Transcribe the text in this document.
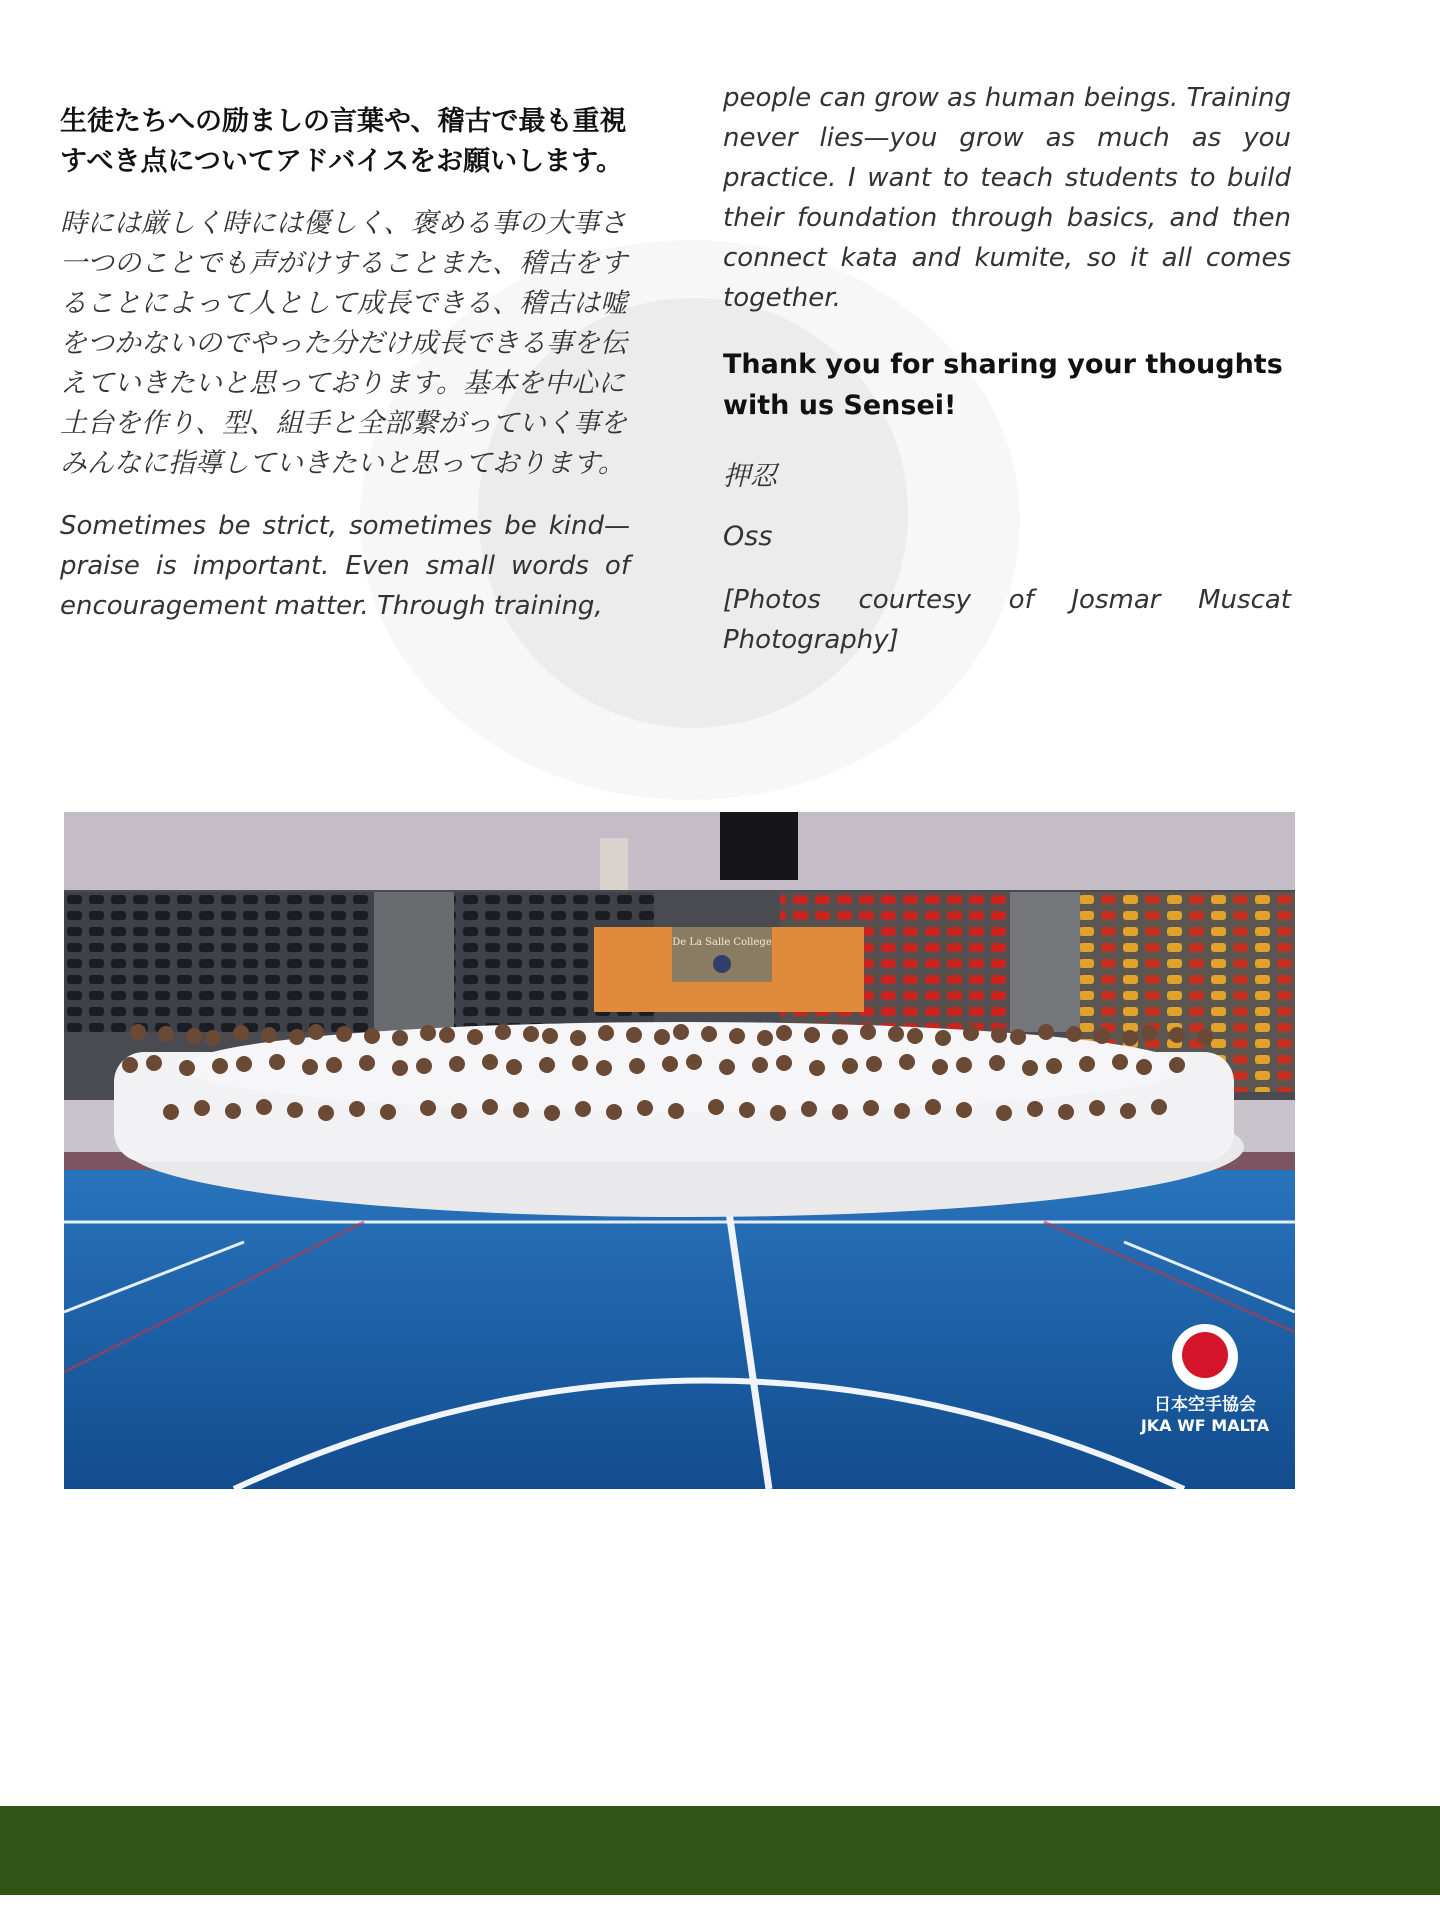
生徒たちへの励ましの言葉や、稽古で最も重視すべき点についてアドバイスをお願いします。

時には厳しく時には優しく、褒める事の大事さ一つのことでも声がけすることまた、稽古をすることによって人として成長できる、稽古は嘘をつかないのでやった分だけ成長できる事を伝えていきたいと思っております。基本を中心に土台を作り、型、組手と全部繋がっていく事をみんなに指導していきたいと思っております。

Sometimes be strict, sometimes be kind—praise is important. Even small words of encouragement matter. Through training,

people can grow as human beings. Training never lies—you grow as much as you practice. I want to teach students to build their foundation through basics, and then connect kata and kumite, so it all comes together.

Thank you for sharing your thoughts with us Sensei!

押忍

Oss

[Photos courtesy of Josmar Muscat Photography]

De La Salle College
日本空手協会
JKA WF MALTA
